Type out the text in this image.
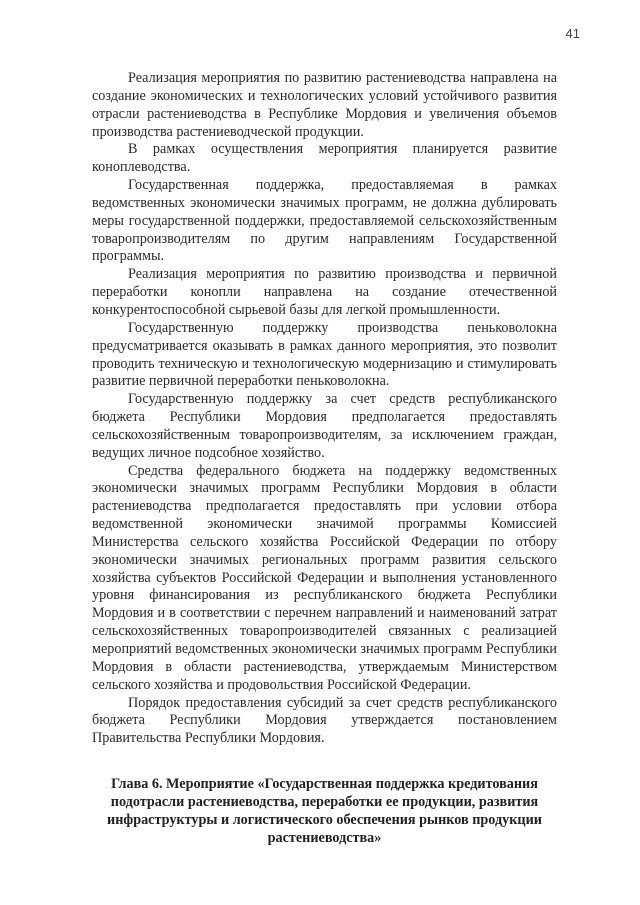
41

Реализация мероприятия по развитию растениеводства направлена на создание экономических и технологических условий устойчивого развития отрасли растениеводства в Республике Мордовия и увеличения объемов производства растениеводческой продукции.

В рамках осуществления мероприятия планируется развитие коноплеводства.

Государственная поддержка, предоставляемая в рамках ведомственных экономически значимых программ, не должна дублировать меры государственной поддержки, предоставляемой сельскохозяйственным товаропроизводителям по другим направлениям Государственной программы.

Реализация мероприятия по развитию производства и первичной переработки конопли направлена на создание отечественной конкурентоспособной сырьевой базы для легкой промышленности.

Государственную поддержку производства пеньковолокна предусматривается оказывать в рамках данного мероприятия, это позволит проводить техническую и технологическую модернизацию и стимулировать развитие первичной переработки пеньковолокна.

Государственную поддержку за счет средств республиканского бюджета Республики Мордовия предполагается предоставлять сельскохозяйственным товаропроизводителям, за исключением граждан, ведущих личное подсобное хозяйство.

Средства федерального бюджета на поддержку ведомственных экономически значимых программ Республики Мордовия в области растениеводства предполагается предоставлять при условии отбора ведомственной экономически значимой программы Комиссией Министерства сельского хозяйства Российской Федерации по отбору экономически значимых региональных программ развития сельского хозяйства субъектов Российской Федерации и выполнения установленного уровня финансирования из республиканского бюджета Республики Мордовия и в соответствии с перечнем направлений и наименований затрат сельскохозяйственных товаропроизводителей связанных с реализацией мероприятий ведомственных экономически значимых программ Республики Мордовия в области растениеводства, утверждаемым Министерством сельского хозяйства и продовольствия Российской Федерации.

Порядок предоставления субсидий за счет средств республиканского бюджета Республики Мордовия утверждается постановлением Правительства Республики Мордовия.

Глава 6. Мероприятие «Государственная поддержка кредитования подотрасли растениеводства, переработки ее продукции, развития инфраструктуры и логистического обеспечения рынков продукции растениеводства»
